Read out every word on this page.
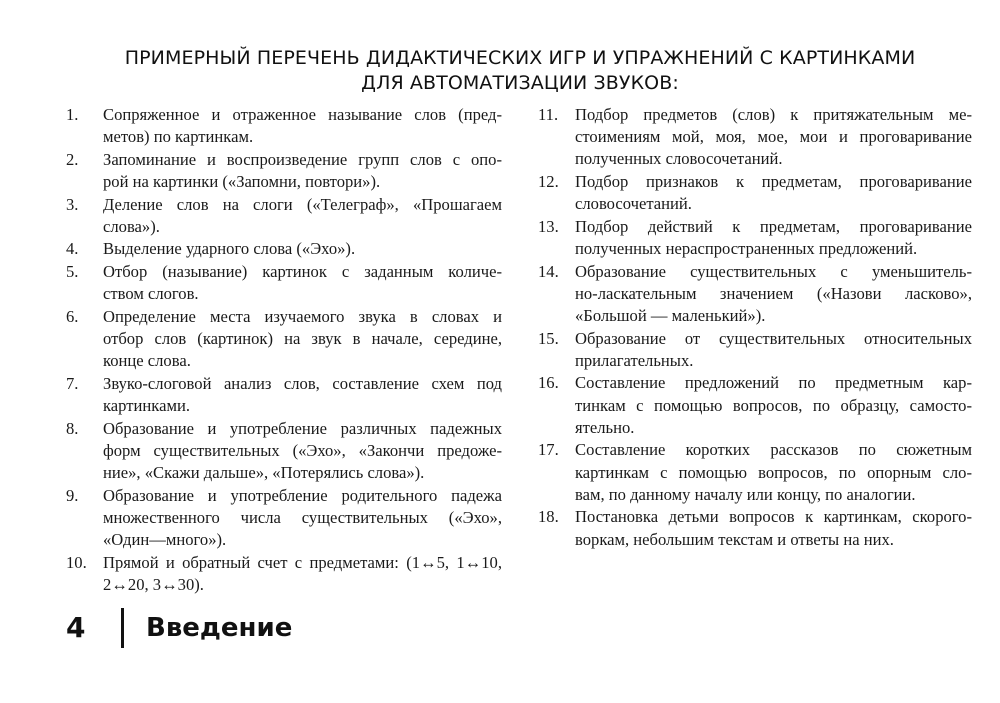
ПРИМЕРНЫЙ ПЕРЕЧЕНЬ ДИДАКТИЧЕСКИХ ИГР И УПРАЖНЕНИЙ С КАРТИНКАМИ
ДЛЯ АВТОМАТИЗАЦИИ ЗВУКОВ:
1.	Сопряженное и отраженное называние слов (пред-
метов) по картинкам.
2.	Запоминание и воспроизведение групп слов с опо-
рой на картинки («Запомни, повтори»).
3.	Деление слов на слоги («Телеграф», «Прошагаем
слова»).
4.	Выделение ударного слова («Эхо»).
5.	Отбор (называние) картинок с заданным количе-
ством слогов.
6.	Определение места изучаемого звука в словах и
отбор слов (картинок) на звук в начале, середине,
конце слова.
7.	Звуко-слоговой анализ слов, составление схем под
картинками.
8.	Образование и употребление различных падежных
форм существительных («Эхо», «Закончи предоже-
ние», «Скажи дальше», «Потерялись слова»).
9.	Образование и употребление родительного падежа
множественного числа существительных («Эхо»,
«Один—много»).
10. Прямой и обратный счет с предметами: (1↔5, 1↔10,
2↔20, 3↔30).
11.	Подбор предметов (слов) к притяжательным ме-
стоимениям мой, моя, мое, мои и проговаривание
полученных словосочетаний.
12. Подбор признаков к предметам, проговаривание
словосочетаний.
13. Подбор действий к предметам, проговаривание
полученных нераспространенных предложений.
14. Образование существительных с уменьшитель-
но-ласкательным значением («Назови ласково»,
«Большой — маленький»).
15. Образование от существительных относительных
прилагательных.
16. Составление предложений по предметным кар-
тинкам с помощью вопросов, по образцу, самосто-
ятельно.
17. Составление коротких рассказов по сюжетным
картинкам с помощью вопросов, по опорным сло-
вам, по данному началу или концу, по аналогии.
18. Постановка детьми вопросов к картинкам, скорого-
воркам, небольшим текстам и ответы на них.
4 Введение
